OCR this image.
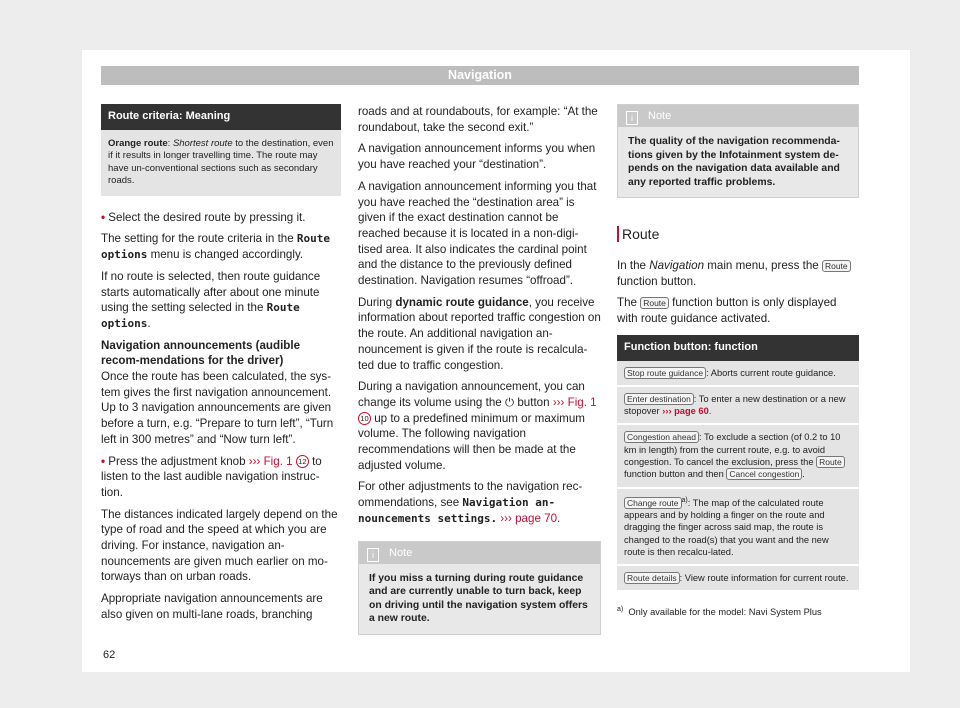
Navigation
Route criteria: Meaning
Orange route: Shortest route to the destination, even if it results in longer travelling time. The route may have un-conventional sections such as secondary roads.

• Select the desired route by pressing it.

The setting for the route criteria in the Route options menu is changed accordingly.

If no route is selected, then route guidance starts automatically after about one minute using the setting selected in the Route options.

Navigation announcements (audible recom-mendations for the driver)

Once the route has been calculated, the sys-tem gives the first navigation announcement. Up to 3 navigation announcements are given before a turn, e.g. “Prepare to turn left”, “Turn left in 300 metres” and “Now turn left”.

• Press the adjustment knob ››› Fig. 1 12 to listen to the last audible navigation instruc-tion.

The distances indicated largely depend on the type of road and the speed at which you are driving. For instance, navigation an-nouncements are given much earlier on mo-torways than on urban roads.

Appropriate navigation announcements are also given on multi-lane roads, branching

roads and at roundabouts, for example: “At the roundabout, take the second exit.”

A navigation announcement informs you when you have reached your “destination”.

A navigation announcement informing you that you have reached the “destination area” is given if the exact destination cannot be reached because it is located in a non-digi-tised area. It also indicates the cardinal point and the distance to the previously defined destination. Navigation resumes “offroad”.

During dynamic route guidance, you receive information about reported traffic congestion on the route. An additional navigation an-nouncement is given if the route is recalcula-ted due to traffic congestion.

During a navigation announcement, you can change its volume using the ⏻ button ››› Fig. 1 10 up to a predefined minimum or maximum volume. The following navigation recommendations will then be made at the adjusted volume.

For other adjustments to the navigation rec-ommendations, see Navigation an-nouncements settings. ››› page 70.

i Note
If you miss a turning during route guidance and are currently unable to turn back, keep on driving until the navigation system offers a new route.
i Note
The quality of the navigation recommenda-tions given by the Infotainment system de-pends on the navigation data available and any reported traffic problems.
Route

In the Navigation main menu, press the Route function button.

The Route function button is only displayed with route guidance activated.

Function button: function
Stop route guidance : Aborts current route guidance.
Enter destination : To enter a new destination or a new stopover ››› page 60.
Congestion ahead : To exclude a section (of 0.2 to 10 km in length) from the current route, e.g. to avoid congestion. To cancel the exclusion, press the Route function button and then Cancel congestion .
Change route $^{a)}$: The map of the calculated route appears and by holding a finger on the route and dragging the finger across said map, the route is changed to the road(s) that you want and the new route is then recalcu-lated.
Route details : View route information for current route.
$^{a)}$ Only available for the model: Navi System Plus
62
